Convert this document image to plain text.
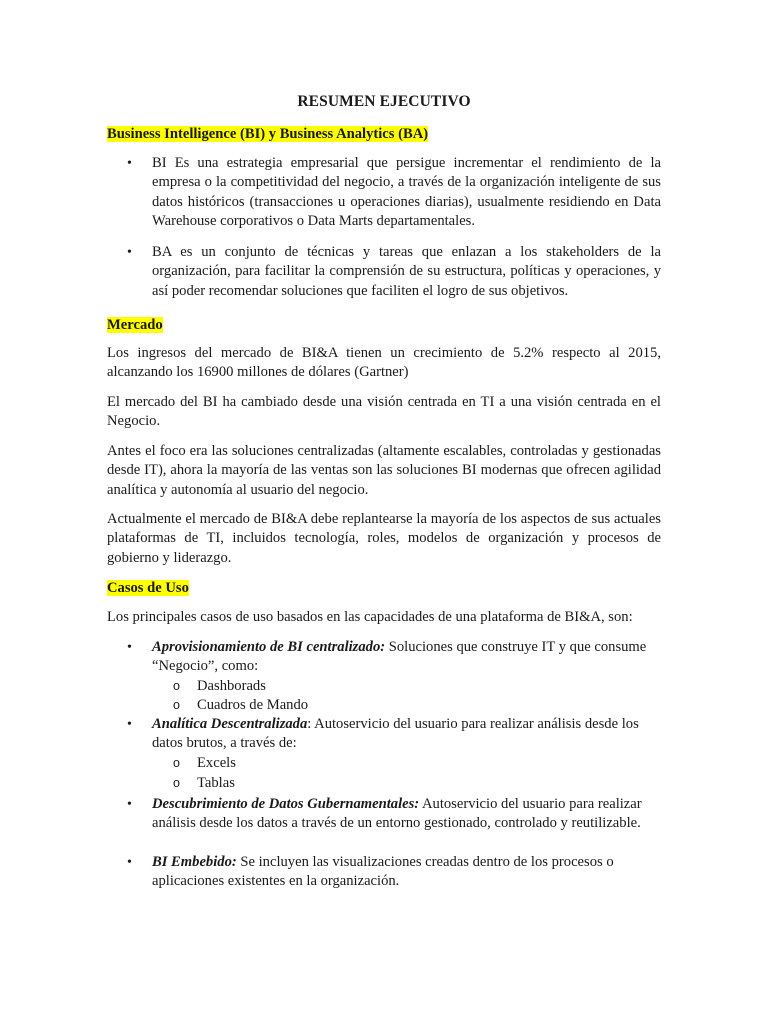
RESUMEN EJECUTIVO
Business Intelligence (BI) y Business Analytics (BA)
• BI Es una estrategia empresarial que persigue incrementar el rendimiento de la empresa o la competitividad del negocio, a través de la organización inteligente de sus datos históricos (transacciones u operaciones diarias), usualmente residiendo en Data Warehouse corporativos o Data Marts departamentales.
• BA es un conjunto de técnicas y tareas que enlazan a los stakeholders de la organización, para facilitar la comprensión de su estructura, políticas y operaciones, y así poder recomendar soluciones que faciliten el logro de sus objetivos.
Mercado
Los ingresos del mercado de BI&A tienen un crecimiento de 5.2% respecto al 2015, alcanzando los 16900 millones de dólares (Gartner)
El mercado del BI ha cambiado desde una visión centrada en TI a una visión centrada en el Negocio.
Antes el foco era las soluciones centralizadas (altamente escalables, controladas y gestionadas desde IT), ahora la mayoría de las ventas son las soluciones BI modernas que ofrecen agilidad analítica y autonomía al usuario del negocio.
Actualmente el mercado de BI&A debe replantearse la mayoría de los aspectos de sus actuales plataformas de TI, incluidos tecnología, roles, modelos de organización y procesos de gobierno y liderazgo.
Casos de Uso
Los principales casos de uso basados en las capacidades de una plataforma de BI&A, son:
• Aprovisionamiento de BI centralizado: Soluciones que construye IT y que consume
“Negocio”, como:
o Dashborads
o Cuadros de Mando
• Analítica Descentralizada: Autoservicio del usuario para realizar análisis desde los
datos brutos, a través de:
o Excels
o Tablas
• Descubrimiento de Datos Gubernamentales: Autoservicio del usuario para realizar
análisis desde los datos a través de un entorno gestionado, controlado y reutilizable.
• BI Embebido: Se incluyen las visualizaciones creadas dentro de los procesos o
aplicaciones existentes en la organización.
